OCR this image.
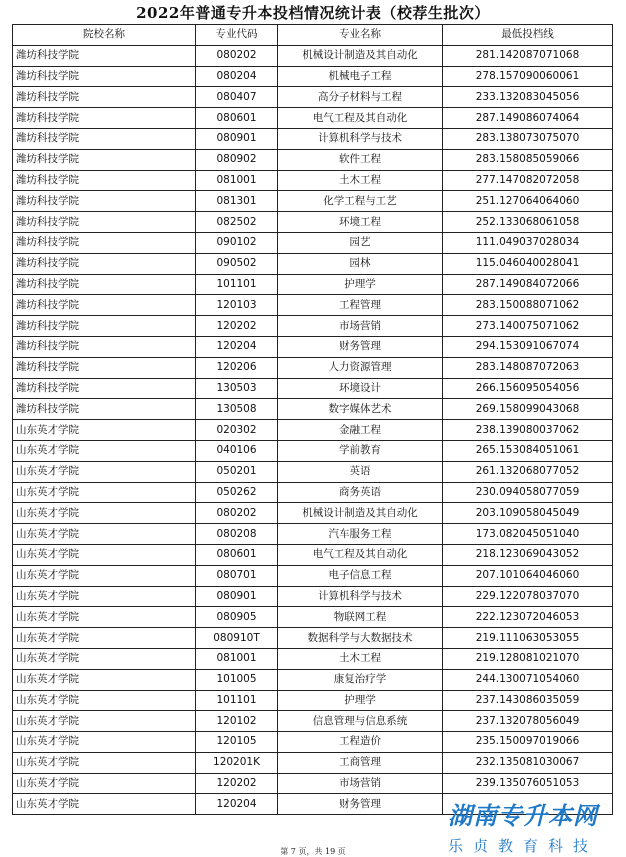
2022年普通专升本投档情况统计表（校荐生批次）
院校名称	专业代码	专业名称	最低投档线
潍坊科技学院	080202	机械设计制造及其自动化	281.142087071068
潍坊科技学院	080204	机械电子工程	278.157090060061
潍坊科技学院	080407	高分子材料与工程	233.132083045056
潍坊科技学院	080601	电气工程及其自动化	287.149086074064
潍坊科技学院	080901	计算机科学与技术	283.138073075070
潍坊科技学院	080902	软件工程	283.158085059066
潍坊科技学院	081001	土木工程	277.147082072058
潍坊科技学院	081301	化学工程与工艺	251.127064064060
潍坊科技学院	082502	环境工程	252.133068061058
潍坊科技学院	090102	园艺	111.049037028034
潍坊科技学院	090502	园林	115.046040028041
潍坊科技学院	101101	护理学	287.149084072066
潍坊科技学院	120103	工程管理	283.150088071062
潍坊科技学院	120202	市场营销	273.140075071062
潍坊科技学院	120204	财务管理	294.153091067074
潍坊科技学院	120206	人力资源管理	283.148087072063
潍坊科技学院	130503	环境设计	266.156095054056
潍坊科技学院	130508	数字媒体艺术	269.158099043068
山东英才学院	020302	金融工程	238.139080037062
山东英才学院	040106	学前教育	265.153084051061
山东英才学院	050201	英语	261.132068077052
山东英才学院	050262	商务英语	230.094058077059
山东英才学院	080202	机械设计制造及其自动化	203.109058045049
山东英才学院	080208	汽车服务工程	173.082045051040
山东英才学院	080601	电气工程及其自动化	218.123069043052
山东英才学院	080701	电子信息工程	207.101064046060
山东英才学院	080901	计算机科学与技术	229.122078037070
山东英才学院	080905	物联网工程	222.123072046053
山东英才学院	080910T	数据科学与大数据技术	219.111063053055
山东英才学院	081001	土木工程	219.128081021070
山东英才学院	101005	康复治疗学	244.130071054060
山东英才学院	101101	护理学	237.143086035059
山东英才学院	120102	信息管理与信息系统	237.132078056049
山东英才学院	120105	工程造价	235.150097019066
山东英才学院	120201K	工商管理	232.135081030067
山东英才学院	120202	市场营销	239.135076051053
山东英才学院	120204	财务管理		湖南专升本网
乐贞教育科技
第 7 页，共 19 页
